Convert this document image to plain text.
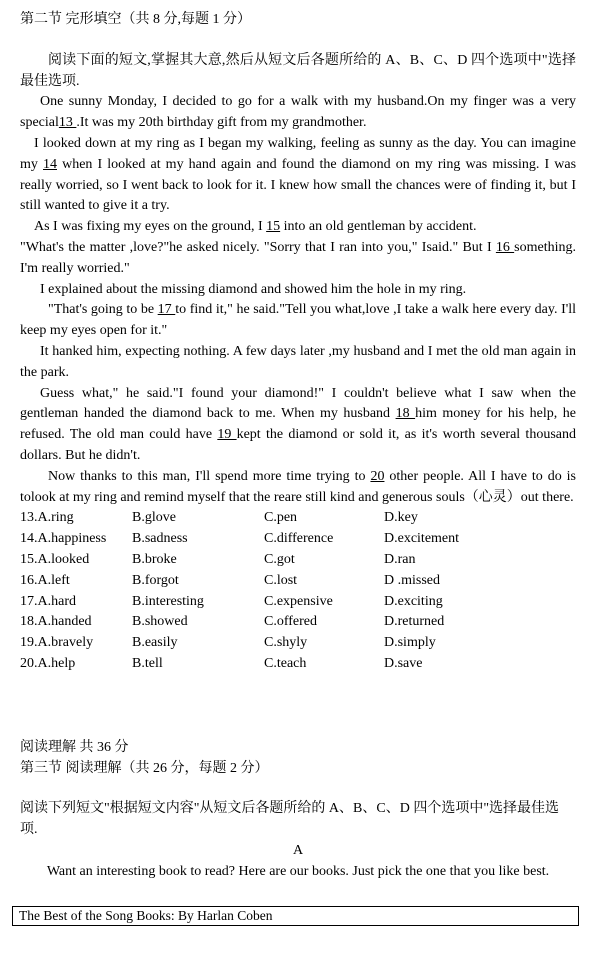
第二节 完形填空（共 8 分,每题 1 分）

阅读下面的短文,掌握其大意,然后从短文后各题所给的 A、B、C、D 四个选项中"选择最佳选项.

One sunny Monday, I decided to go for a walk with my husband.On my finger was a very special13 .It was my 20th birthday gift from my grandmother.

I looked down at my ring as I began my walking, feeling as sunny as the day. You can imagine my 14 when I looked at my hand again and found the diamond on my ring was missing. I was really worried, so I went back to look for it. I knew how small the chances were of finding it, but I still wanted to give it a try.

As I was fixing my eyes on the ground, I 15 into an old gentleman by accident.

"What's the matter ,love?"he asked nicely. "Sorry that I ran into you," Isaid." But I 16 something. I'm really worried."

I explained about the missing diamond and showed him the hole in my ring.

"That's going to be 17 to find it," he said."Tell you what,love ,I take a walk here every day. I'll keep my eyes open for it."

It hanked him, expecting nothing. A few days later ,my husband and I met the old man again in the park.

Guess what," he said."I found your diamond!" I couldn't believe what I saw when the gentleman handed the diamond back to me. When my husband 18 him money for his help, he refused. The old man could have 19 kept the diamond or sold it, as it's worth several thousand dollars. But he didn't.

Now thanks to this man, I'll spend more time trying to 20 other people. All I have to do is tolook at my ring and remind myself that the reare still kind and generous souls（心灵）out there.

13.A.ring	B.glove	C.pen	D.key
14.A.happiness	B.sadness	C.difference	D.excitement
15.A.looked	B.broke	C.got	D.ran
16.A.left	B.forgot	C.lost	D .missed
17.A.hard	B.interesting	C.expensive	D.exciting
18.A.handed	B.showed	C.offered	D.returned
19.A.bravely	B.easily	C.shyly	D.simply
20.A.help	B.tell	C.teach	D.save

阅读理解 共 36 分

第三节 阅读理解（共 26 分，每题 2 分）

阅读下列短文"根据短文内容"从短文后各题所给的 A、B、C、D 四个选项中"选择最佳选项.

A

Want an interesting book to read? Here are our books. Just pick the one that you like best.

The Best of the Song Books: By Harlan Coben
